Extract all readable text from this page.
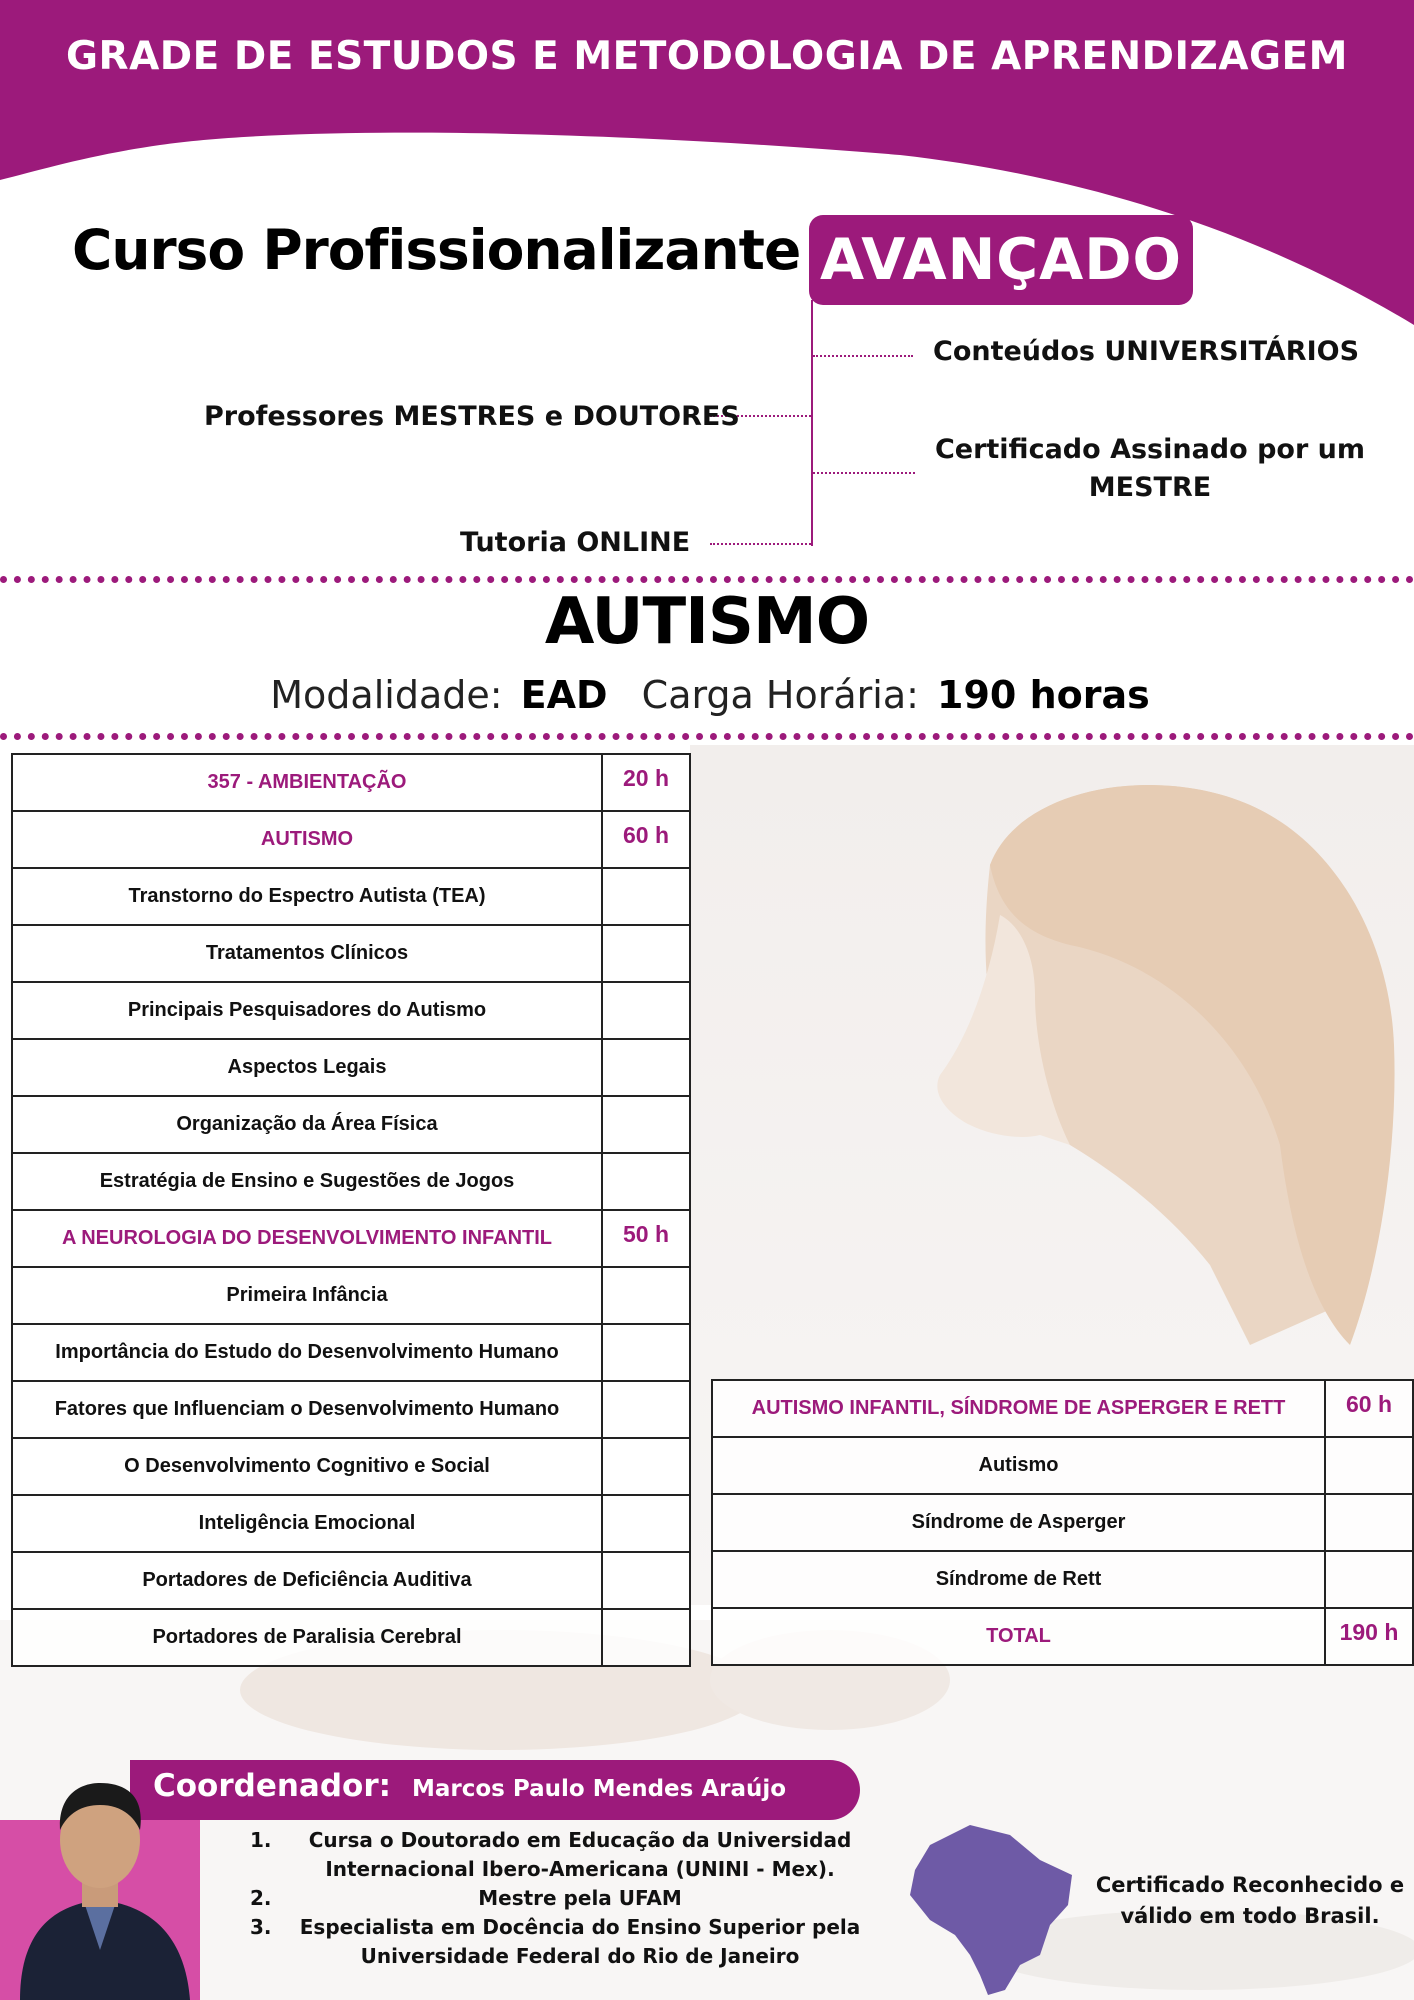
GRADE DE ESTUDOS E METODOLOGIA DE APRENDIZAGEM
Curso Profissionalizante AVANÇADO
Conteúdos UNIVERSITÁRIOS
Professores MESTRES e DOUTORES
Certificado Assinado por um
MESTRE
Tutoria ONLINE
AUTISMO
Modalidade: EAD Carga Horária: 190 horas
357 - AMBIENTAÇÃO	20 h
AUTISMO	60 h
Transtorno do Espectro Autista (TEA)	
Tratamentos Clínicos	
Principais Pesquisadores do Autismo	
Aspectos Legais	
Organização da Área Física	
Estratégia de Ensino e Sugestões de Jogos	
A NEUROLOGIA DO DESENVOLVIMENTO INFANTIL	50 h
Primeira Infância	
Importância do Estudo do Desenvolvimento Humano	
Fatores que Influenciam o Desenvolvimento Humano	
O Desenvolvimento Cognitivo e Social	
Inteligência Emocional	
Portadores de Deficiência Auditiva	
Portadores de Paralisia Cerebral	
AUTISMO INFANTIL, SÍNDROME DE ASPERGER E RETT	60 h
Autismo	
Síndrome de Asperger	
Síndrome de Rett	
TOTAL	190 h
Coordenador: Marcos Paulo Mendes Araújo
1.	Cursa o Doutorado em Educação da Universidad Internacional Ibero-Americana (UNINI - Mex).
2.	Mestre pela UFAM
3.	Especialista em Docência do Ensino Superior pela Universidade Federal do Rio de Janeiro
Certificado Reconhecido e válido em todo Brasil.
